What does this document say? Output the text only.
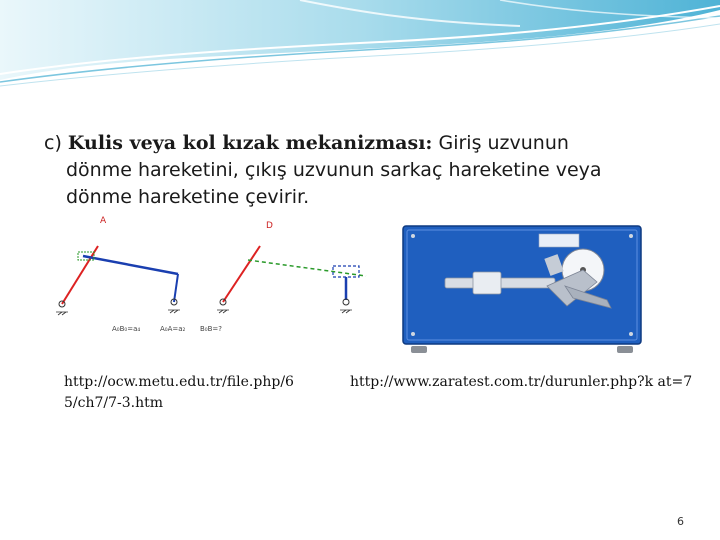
c) Kulis veya kol kızak mekanizması: Giriş uzvunun
dönme hareketini, çıkış uzvunun sarkaç hareketine veya
dönme hareketine çevirir.

A	D
A₀B₀=a₄	A₀A=a₂ B₀B=?
http://ocw.metu.edu.tr/file.php/6 5/ch7/7-3.htm
http://www.zaratest.com.tr/durunler.php?k at=7
6
